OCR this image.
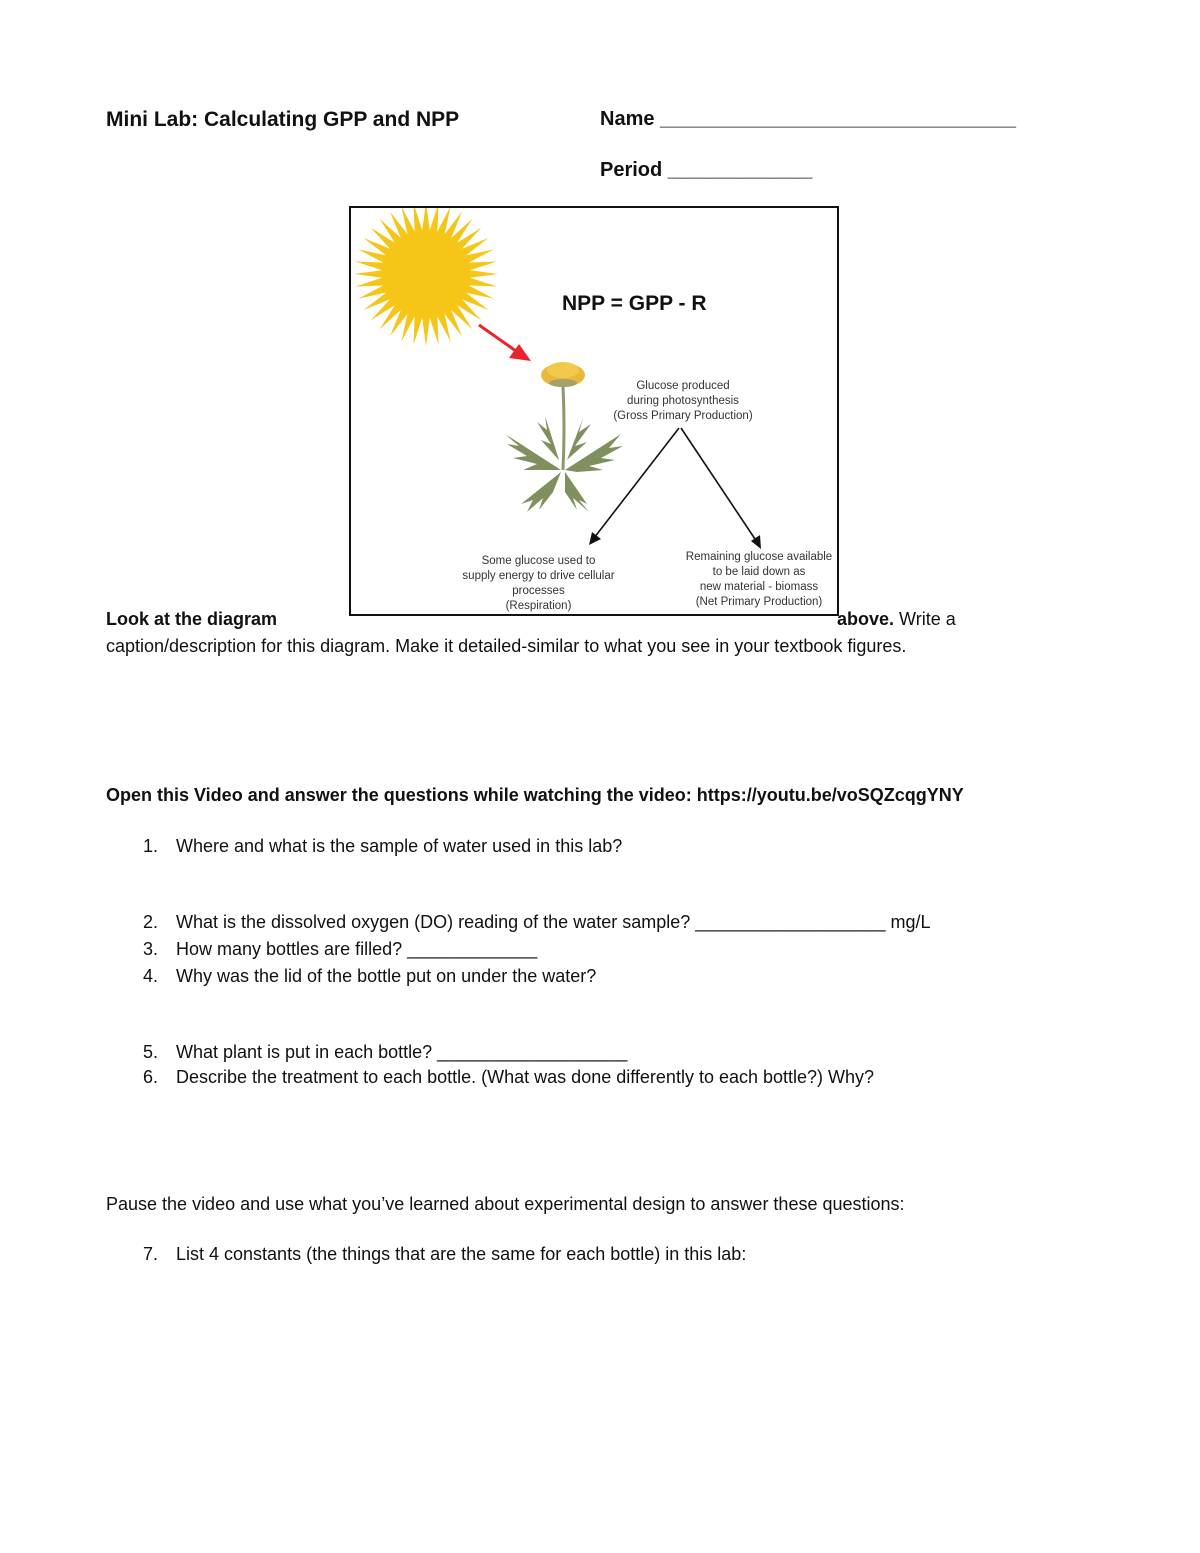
Mini Lab: Calculating GPP and NPP	Name ________________________________
Period _____________
NPP = GPP - R
Glucose produced
during photosynthesis
(Gross Primary Production)
Some glucose used to
supply energy to drive cellular
processes
(Respiration)
Remaining glucose available
to be laid down as
new material - biomass
(Net Primary Production)
Look at the diagram	above. Write a
caption/description for this diagram. Make it detailed-similar to what you see in your textbook figures.
Open this Video and answer the questions while watching the video: https://youtu.be/voSQZcqgYNY
1. Where and what is the sample of water used in this lab?
2. What is the dissolved oxygen (DO) reading of the water sample? ___________________ mg/L
3. How many bottles are filled? _____________
4. Why was the lid of the bottle put on under the water?
5. What plant is put in each bottle? ___________________
6. Describe the treatment to each bottle. (What was done differently to each bottle?) Why?
7. List 4 constants (the things that are the same for each bottle) in this lab:
Pause the video and use what you’ve learned about experimental design to answer these questions:
